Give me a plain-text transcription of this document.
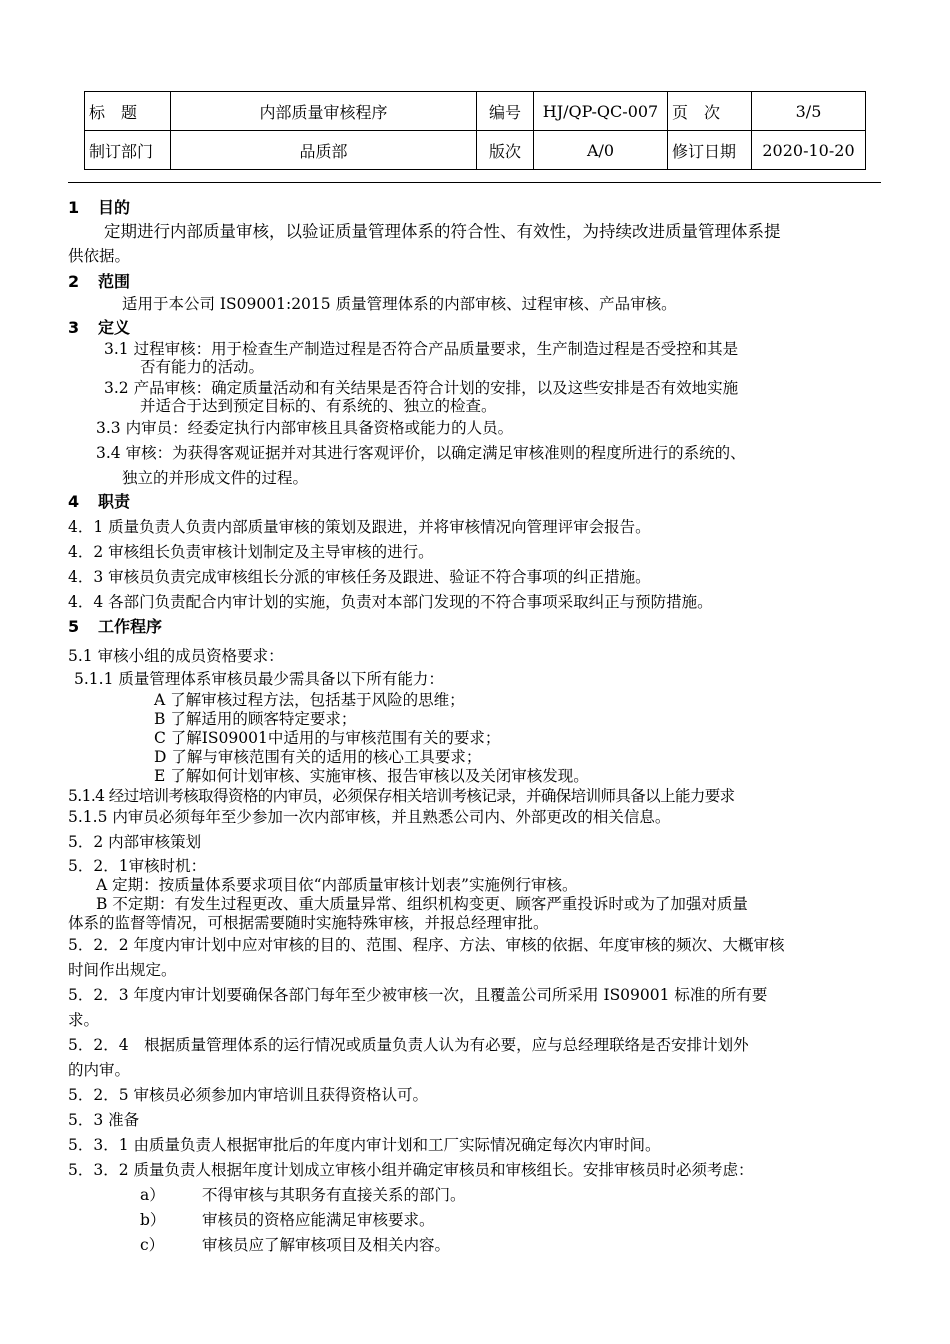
标　题	内部质量审核程序	编号	HJ/QP-QC-007	页　次	3/5
制订部门	品质部	版次	A/0	修订日期	2020-10-20
1 目的
定期进行内部质量审核，以验证质量管理体系的符合性、有效性，为持续改进质量管理体系提
供依据。
2 范围
适用于本公司 IS09001:2015 质量管理体系的内部审核、过程审核、产品审核。
3 定义
3.1 过程审核：用于检查生产制造过程是否符合产品质量要求，生产制造过程是否受控和其是
否有能力的活动。
3.2 产品审核：确定质量活动和有关结果是否符合计划的安排，以及这些安排是否有效地实施
并适合于达到预定目标的、有系统的、独立的检查。
3.3 内审员：经委定执行内部审核且具备资格或能力的人员。
3.4 审核：为获得客观证据并对其进行客观评价，以确定满足审核准则的程度所进行的系统的、
独立的并形成文件的过程。
4 职责
4．1 质量负责人负责内部质量审核的策划及跟进，并将审核情况向管理评审会报告。
4．2 审核组长负责审核计划制定及主导审核的进行。
4．3 审核员负责完成审核组长分派的审核任务及跟进、验证不符合事项的纠正措施。
4．4 各部门负责配合内审计划的实施，负责对本部门发现的不符合事项采取纠正与预防措施。
5 工作程序
5.1 审核小组的成员资格要求：
5.1.1 质量管理体系审核员最少需具备以下所有能力：
A 了解审核过程方法，包括基于风险的思维；
B 了解适用的顾客特定要求；
C 了解IS09001中适用的与审核范围有关的要求；
D 了解与审核范围有关的适用的核心工具要求；
E 了解如何计划审核、实施审核、报告审核以及关闭审核发现。
5.1.4 经过培训考核取得资格的内审员，必须保存相关培训考核记录，并确保培训师具备以上能力要求
5.1.5 内审员必须每年至少参加一次内部审核，并且熟悉公司内、外部更改的相关信息。
5．2 内部审核策划
5．2．1审核时机：
A 定期：按质量体系要求项目依“内部质量审核计划表”实施例行审核。
B 不定期：有发生过程更改、重大质量异常、组织机构变更、顾客严重投诉时或为了加强对质量
体系的监督等情况，可根据需要随时实施特殊审核，并报总经理审批。
5．2．2 年度内审计划中应对审核的目的、范围、程序、方法、审核的依据、年度审核的频次、大概审核
时间作出规定。
5．2．3 年度内审计划要确保各部门每年至少被审核一次，且覆盖公司所采用 IS09001 标准的所有要
求。
5．2．4　根据质量管理体系的运行情况或质量负责人认为有必要，应与总经理联络是否安排计划外
的内审。
5．2．5 审核员必须参加内审培训且获得资格认可。
5．3 准备
5．3．1 由质量负责人根据审批后的年度内审计划和工厂实际情况确定每次内审时间。
5．3．2 质量负责人根据年度计划成立审核小组并确定审核员和审核组长。安排审核员时必须考虑：
a） 不得审核与其职务有直接关系的部门。
b） 审核员的资格应能满足审核要求。
c） 审核员应了解审核项目及相关内容。
